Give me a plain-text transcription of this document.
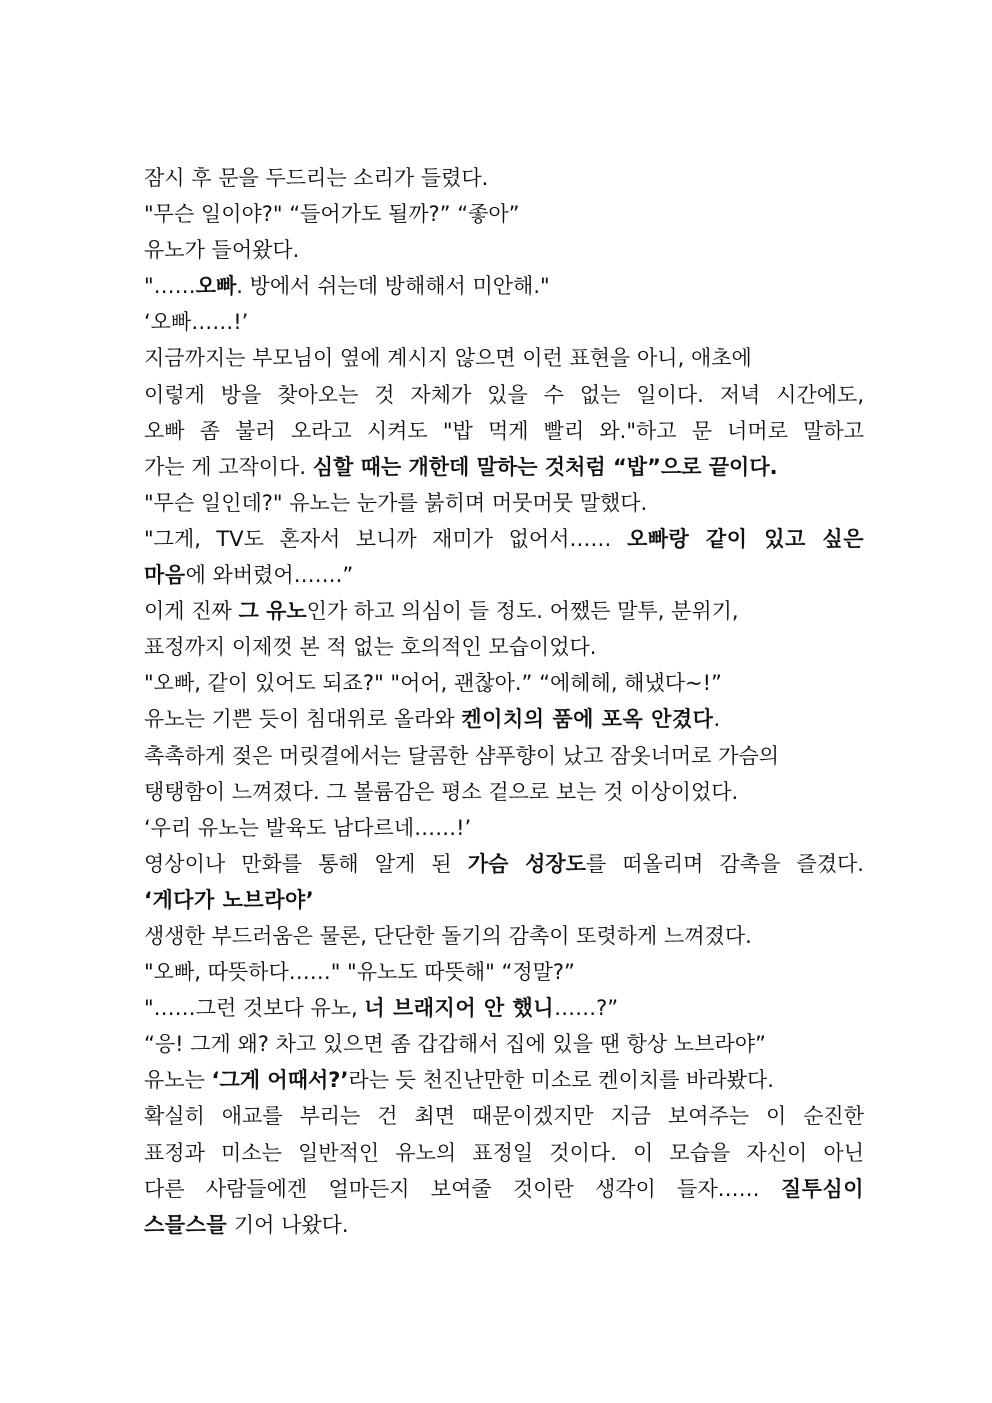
잠시 후 문을 두드리는 소리가 들렸다.
"무슨 일이야?" “들어가도 될까?” “좋아”
유노가 들어왔다.
"……오빠. 방에서 쉬는데 방해해서 미안해."
‘오빠……!’
지금까지는 부모님이 옆에 계시지 않으면 이런 표현을 아니, 애초에
이렇게 방을 찾아오는 것 자체가 있을 수 없는 일이다. 저녁 시간에도,
오빠 좀 불러 오라고 시켜도 "밥 먹게 빨리 와."하고 문 너머로 말하고
가는 게 고작이다. 심할 때는 개한데 말하는 것처럼 “밥”으로 끝이다.
"무슨 일인데?" 유노는 눈가를 붉히며 머뭇머뭇 말했다.
"그게, TV도 혼자서 보니까 재미가 없어서…… 오빠랑 같이 있고 싶은
마음에 와버렸어…….”
이게 진짜 그 유노인가 하고 의심이 들 정도. 어쨌든 말투, 분위기,
표정까지 이제껏 본 적 없는 호의적인 모습이었다.
"오빠, 같이 있어도 되죠?" "어어, 괜찮아.” “에헤헤, 해냈다~!”
유노는 기쁜 듯이 침대위로 올라와 켄이치의 품에 포옥 안겼다.
촉촉하게 젖은 머릿결에서는 달콤한 샴푸향이 났고 잠옷너머로 가슴의
탱탱함이 느껴졌다. 그 볼륨감은 평소 겉으로 보는 것 이상이었다.
‘우리 유노는 발육도 남다르네……!’
영상이나 만화를 통해 알게 된 가슴 성장도를 떠올리며 감촉을 즐겼다.
‘게다가 노브라야’
생생한 부드러움은 물론, 단단한 돌기의 감촉이 또렷하게 느껴졌다.
"오빠, 따뜻하다……" "유노도 따뜻해" “정말?”
"……그런 것보다 유노, 너 브래지어 안 했니……?”
“응! 그게 왜? 차고 있으면 좀 갑갑해서 집에 있을 땐 항상 노브라야”
유노는 ‘그게 어때서?’라는 듯 천진난만한 미소로 켄이치를 바라봤다.
확실히 애교를 부리는 건 최면 때문이겠지만 지금 보여주는 이 순진한
표정과 미소는 일반적인 유노의 표정일 것이다. 이 모습을 자신이 아닌
다른 사람들에겐 얼마든지 보여줄 것이란 생각이 들자…… 질투심이
스믈스믈 기어 나왔다.
